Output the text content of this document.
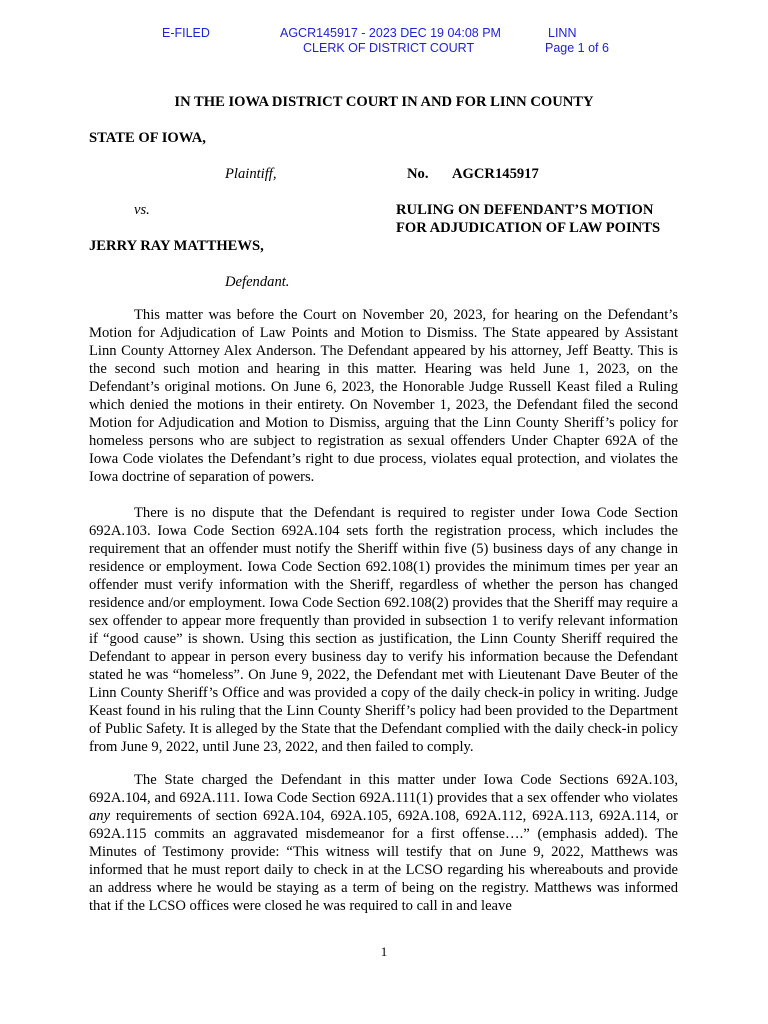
E-FILED	AGCR145917 - 2023 DEC 19 04:08 PM	LINN
CLERK OF DISTRICT COURT	Page 1 of 6
IN THE IOWA DISTRICT COURT IN AND FOR LINN COUNTY
STATE OF IOWA,
Plaintiff,	No. AGCR145917
vs.	RULING ON DEFENDANT’S MOTION
FOR ADJUDICATION OF LAW POINTS
JERRY RAY MATTHEWS,
Defendant.
This matter was before the Court on November 20, 2023, for hearing on the Defendant’s Motion for Adjudication of Law Points and Motion to Dismiss. The State appeared by Assistant Linn County Attorney Alex Anderson. The Defendant appeared by his attorney, Jeff Beatty. This is the second such motion and hearing in this matter. Hearing was held June 1, 2023, on the Defendant’s original motions. On June 6, 2023, the Honorable Judge Russell Keast filed a Ruling which denied the motions in their entirety. On November 1, 2023, the Defendant filed the second Motion for Adjudication and Motion to Dismiss, arguing that the Linn County Sheriff’s policy for homeless persons who are subject to registration as sexual offenders Under Chapter 692A of the Iowa Code violates the Defendant’s right to due process, violates equal protection, and violates the Iowa doctrine of separation of powers.
There is no dispute that the Defendant is required to register under Iowa Code Section 692A.103. Iowa Code Section 692A.104 sets forth the registration process, which includes the requirement that an offender must notify the Sheriff within five (5) business days of any change in residence or employment. Iowa Code Section 692.108(1) provides the minimum times per year an offender must verify information with the Sheriff, regardless of whether the person has changed residence and/or employment. Iowa Code Section 692.108(2) provides that the Sheriff may require a sex offender to appear more frequently than provided in subsection 1 to verify relevant information if “good cause” is shown. Using this section as justification, the Linn County Sheriff required the Defendant to appear in person every business day to verify his information because the Defendant stated he was “homeless”. On June 9, 2022, the Defendant met with Lieutenant Dave Beuter of the Linn County Sheriff’s Office and was provided a copy of the daily check-in policy in writing. Judge Keast found in his ruling that the Linn County Sheriff’s policy had been provided to the Department of Public Safety. It is alleged by the State that the Defendant complied with the daily check-in policy from June 9, 2022, until June 23, 2022, and then failed to comply.
The State charged the Defendant in this matter under Iowa Code Sections 692A.103, 692A.104, and 692A.111. Iowa Code Section 692A.111(1) provides that a sex offender who violates any requirements of section 692A.104, 692A.105, 692A.108, 692A.112, 692A.113, 692A.114, or 692A.115 commits an aggravated misdemeanor for a first offense….” (emphasis added). The Minutes of Testimony provide: “This witness will testify that on June 9, 2022, Matthews was informed that he must report daily to check in at the LCSO regarding his whereabouts and provide an address where he would be staying as a term of being on the registry. Matthews was informed that if the LCSO offices were closed he was required to call in and leave
1
